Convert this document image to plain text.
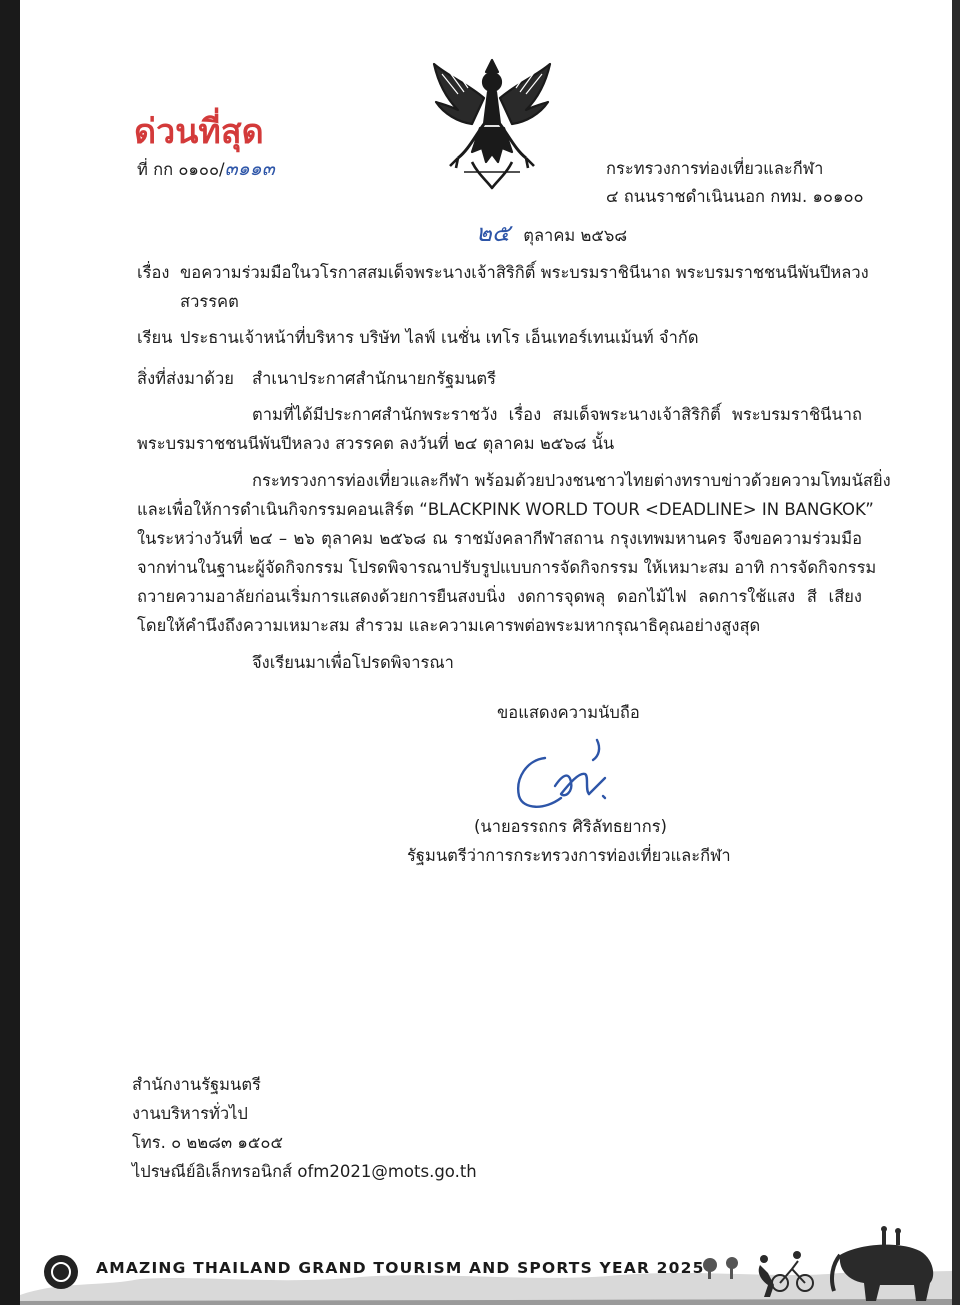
ด่วนที่สุด
ที่ กก ๐๑๐๐/๓๑๑๓	กระทรวงการท่องเที่ยวและกีฬา
๔ ถนนราชดำเนินนอก กทม. ๑๐๑๐๐
๒๕ ตุลาคม ๒๕๖๘
เรื่อง ขอความร่วมมือในวโรกาสสมเด็จพระนางเจ้าสิริกิติ์ พระบรมราชินีนาถ พระบรมราชชนนีพันปีหลวง
สวรรคต
เรียน ประธานเจ้าหน้าที่บริหาร บริษัท ไลฟ์ เนชั่น เทโร เอ็นเทอร์เทนเม้นท์ จำกัด
สิ่งที่ส่งมาด้วย สำเนาประกาศสำนักนายกรัฐมนตรี
ตามที่ได้มีประกาศสำนักพระราชวัง เรื่อง สมเด็จพระนางเจ้าสิริกิติ์ พระบรมราชินีนาถ
พระบรมราชชนนีพันปีหลวง สวรรคต ลงวันที่ ๒๔ ตุลาคม ๒๕๖๘ นั้น
กระทรวงการท่องเที่ยวและกีฬา พร้อมด้วยปวงชนชาวไทยต่างทราบข่าวด้วยความโทมนัสยิ่ง
และเพื่อให้การดำเนินกิจกรรมคอนเสิร์ต “BLACKPINK WORLD TOUR <DEADLINE> IN BANGKOK”
ในระหว่างวันที่ ๒๔ – ๒๖ ตุลาคม ๒๕๖๘ ณ ราชมังคลากีฬาสถาน กรุงเทพมหานคร จึงขอความร่วมมือ
จากท่านในฐานะผู้จัดกิจกรรม โปรดพิจารณาปรับรูปแบบการจัดกิจกรรม ให้เหมาะสม อาทิ การจัดกิจกรรม
ถวายความอาลัยก่อนเริ่มการแสดงด้วยการยืนสงบนิ่ง งดการจุดพลุ ดอกไม้ไฟ ลดการใช้แสง สี เสียง
โดยให้คำนึงถึงความเหมาะสม สำรวม และความเคารพต่อพระมหากรุณาธิคุณอย่างสูงสุด
จึงเรียนมาเพื่อโปรดพิจารณา
ขอแสดงความนับถือ
(นายอรรถกร ศิริลัทธยากร)
รัฐมนตรีว่าการกระทรวงการท่องเที่ยวและกีฬา
สำนักงานรัฐมนตรี
งานบริหารทั่วไป
โทร. ๐ ๒๒๘๓ ๑๕๐๕
ไปรษณีย์อิเล็กทรอนิกส์ ofm2021@mots.go.th
AMAZING THAILAND GRAND TOURISM AND SPORTS YEAR 2025
